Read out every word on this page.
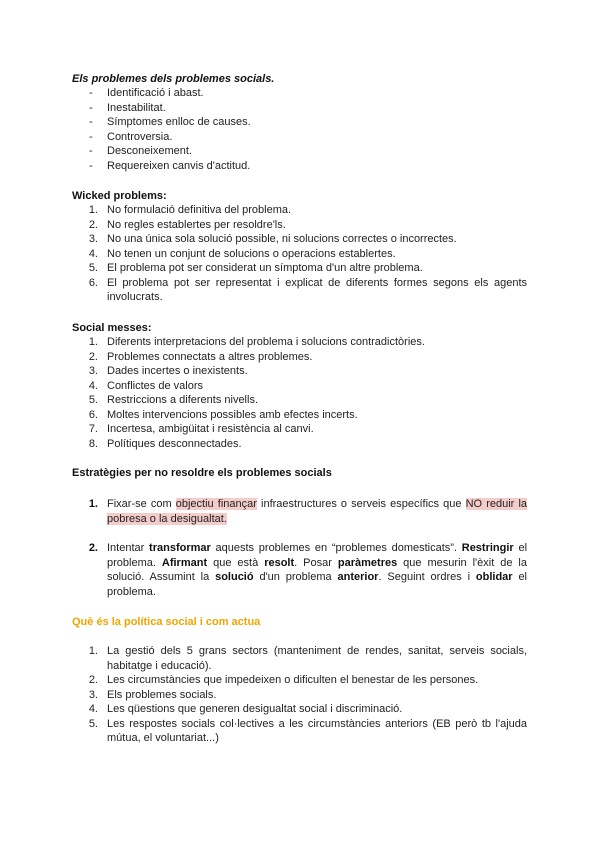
Els problemes dels problemes socials.

- Identificació i abast.
- Inestabilitat.
- Símptomes enlloc de causes.
- Controversia.
- Desconeixement.
- Requereixen canvis d'actitud.

Wicked problems:

1. No formulació definitiva del problema.
2. No regles establertes per resoldre'ls.
3. No una única sola solució possible, ni solucions correctes o incorrectes.
4. No tenen un conjunt de solucions o operacions establertes.
5. El problema pot ser considerat un símptoma d'un altre problema.
6. El problema pot ser representat i explicat de diferents formes segons els agents involucrats.

Social messes:

1. Diferents interpretacions del problema i solucions contradictòries.
2. Problemes connectats a altres problemes.
3. Dades incertes o inexistents.
4. Conflictes de valors
5. Restriccions a diferents nivells.
6. Moltes intervencions possibles amb efectes incerts.
7. Incertesa, ambigüitat i resistència al canvi.
8. Polítiques desconnectades.

Estratègies per no resoldre els problemes socials

1. Fixar-se com objectiu finançar infraestructures o serveis específics que NO reduir la pobresa o la desigualtat.
2. Intentar transformar aquests problemes en “problemes domesticats”. Restringir el problema. Afirmant que està resolt. Posar paràmetres que mesurin l'èxit de la solució. Assumint la solució d'un problema anterior. Seguint ordres i oblidar el problema.

Què és la política social i com actua

1. La gestió dels 5 grans sectors (manteniment de rendes, sanitat, serveis socials, habitatge i educació).
2. Les circumstàncies que impedeixen o dificulten el benestar de les persones.
3. Els problemes socials.
4. Les qüestions que generen desigualtat social i discriminació.
5. Les respostes socials col·lectives a les circumstàncies anteriors (EB però tb l'ajuda mútua, el voluntariat...)
